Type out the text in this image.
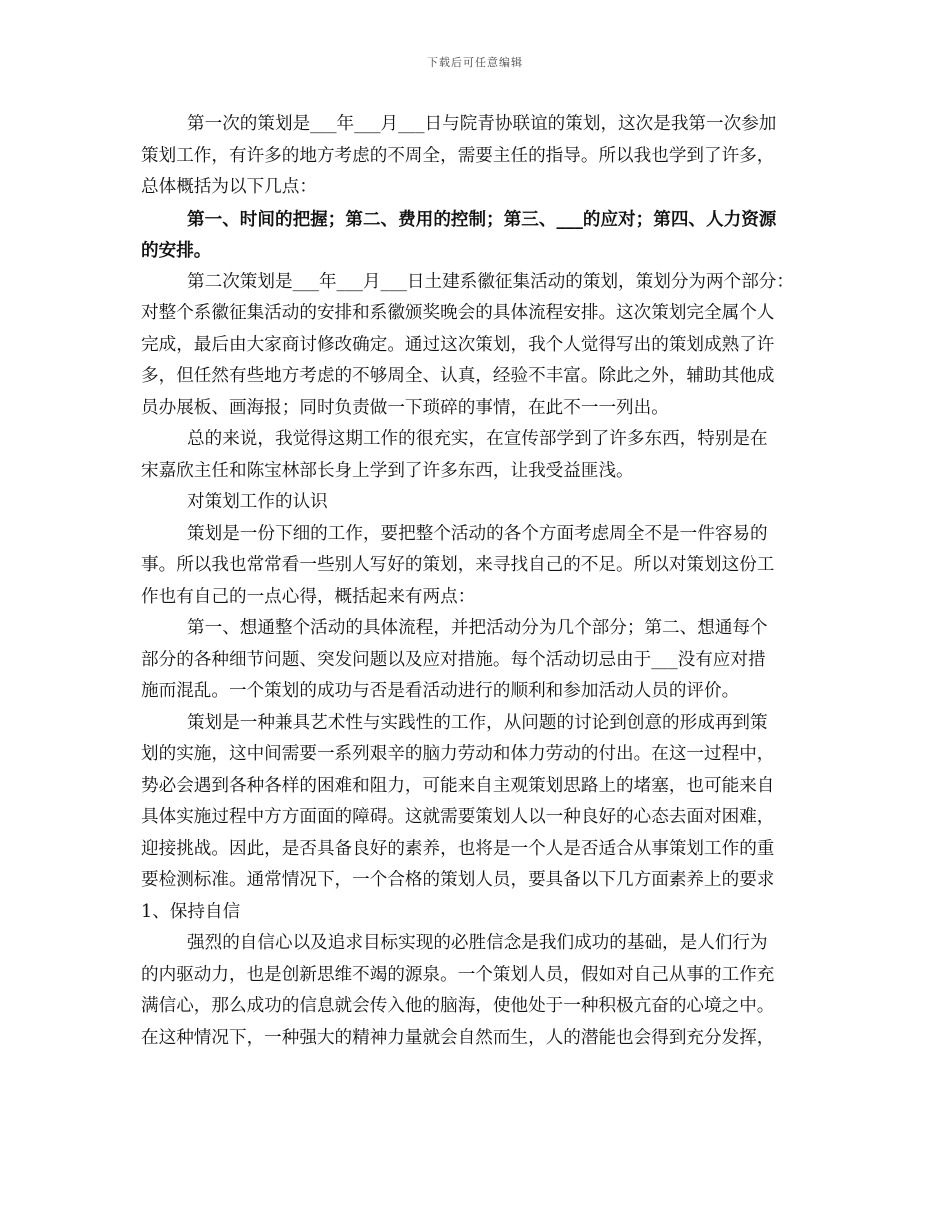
下载后可任意编辑
第一次的策划是___年___月___日与院青协联谊的策划，这次是我第一次参加
策划工作，有许多的地方考虑的不周全，需要主任的指导。所以我也学到了许多，
总体概括为以下几点：
第一、时间的把握；第二、费用的控制；第三、___的应对；第四、人力资源
的安排。
第二次策划是___年___月___日土建系徽征集活动的策划，策划分为两个部分：
对整个系徽征集活动的安排和系徽颁奖晚会的具体流程安排。这次策划完全属个人
完成，最后由大家商讨修改确定。通过这次策划，我个人觉得写出的策划成熟了许
多，但任然有些地方考虑的不够周全、认真，经验不丰富。除此之外，辅助其他成
员办展板、画海报；同时负责做一下琐碎的事情，在此不一一列出。
总的来说，我觉得这期工作的很充实，在宣传部学到了许多东西，特别是在
宋嘉欣主任和陈宝林部长身上学到了许多东西，让我受益匪浅。
对策划工作的认识
策划是一份下细的工作，要把整个活动的各个方面考虑周全不是一件容易的
事。所以我也常常看一些别人写好的策划，来寻找自己的不足。所以对策划这份工
作也有自己的一点心得，概括起来有两点：
第一、想通整个活动的具体流程，并把活动分为几个部分；第二、想通每个
部分的各种细节问题、突发问题以及应对措施。每个活动切忌由于___没有应对措
施而混乱。一个策划的成功与否是看活动进行的顺利和参加活动人员的评价。
策划是一种兼具艺术性与实践性的工作，从问题的讨论到创意的形成再到策
划的实施，这中间需要一系列艰辛的脑力劳动和体力劳动的付出。在这一过程中，
势必会遇到各种各样的困难和阻力，可能来自主观策划思路上的堵塞，也可能来自
具体实施过程中方方面面的障碍。这就需要策划人以一种良好的心态去面对困难，
迎接挑战。因此，是否具备良好的素养，也将是一个人是否适合从事策划工作的重
要检测标准。通常情况下，一个合格的策划人员，要具备以下几方面素养上的要求
1、保持自信
强烈的自信心以及追求目标实现的必胜信念是我们成功的基础，是人们行为
的内驱动力，也是创新思维不竭的源泉。一个策划人员，假如对自己从事的工作充
满信心，那么成功的信息就会传入他的脑海，使他处于一种积极亢奋的心境之中。
在这种情况下，一种强大的精神力量就会自然而生，人的潜能也会得到充分发挥，
